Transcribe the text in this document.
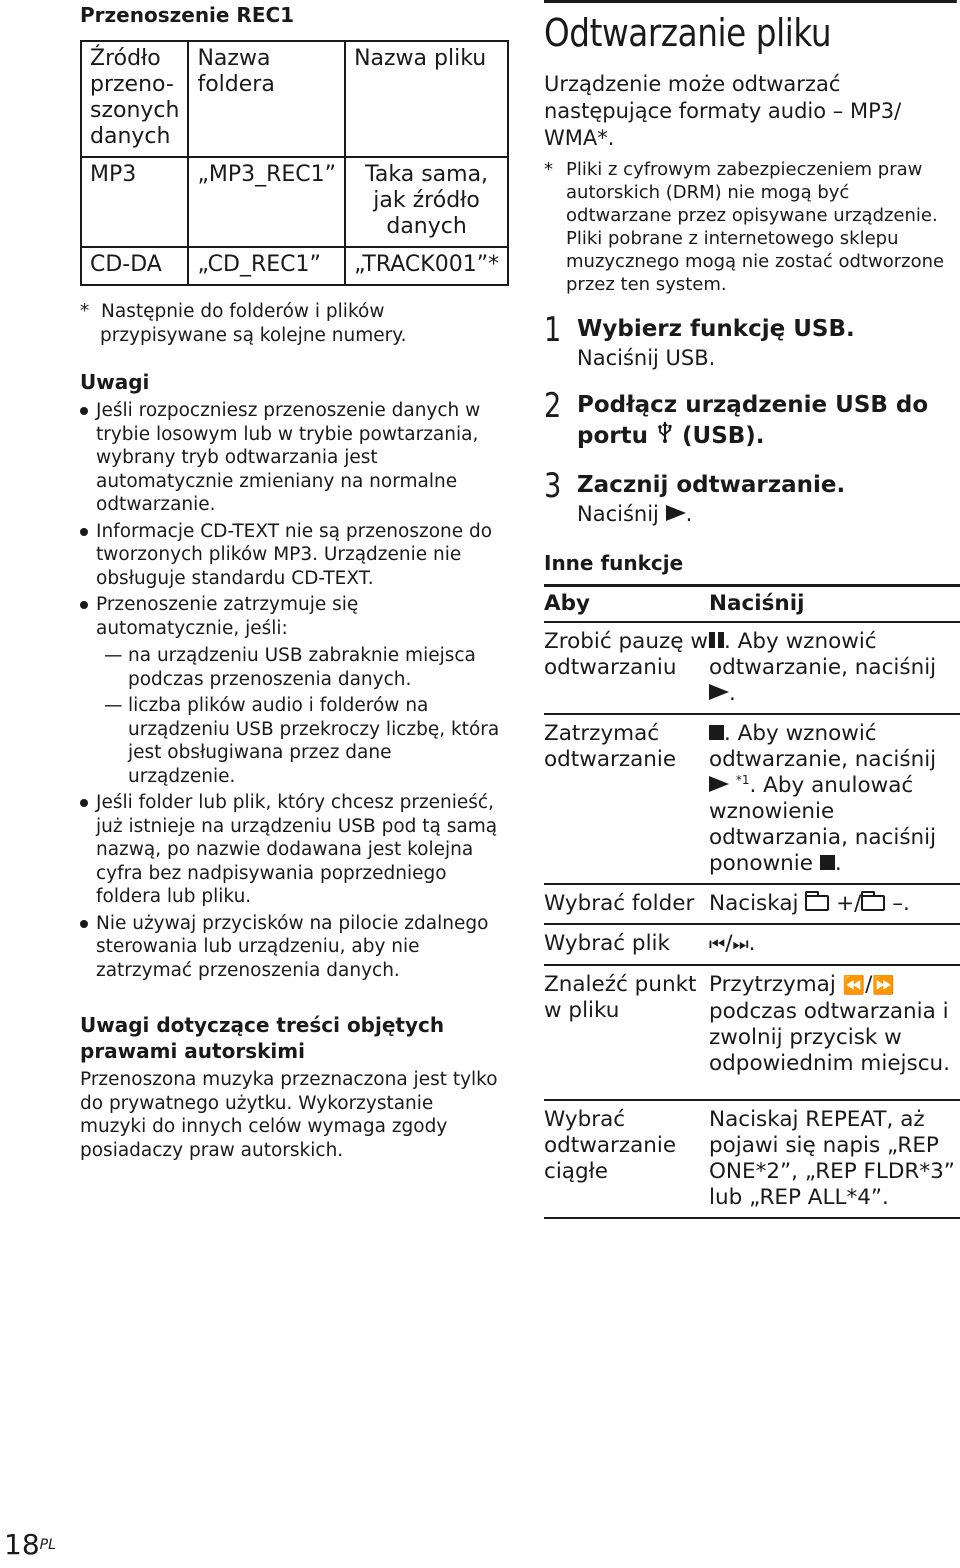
Przenoszenie REC1
Źródło przeno- szonych danych	Nazwa foldera	Nazwa pliku
MP3	„MP3_REC1”	Taka sama, jak źródło danych
CD-DA	„CD_REC1”	„TRACK001”*
* Następnie do folderów i plików
przypisywane są kolejne numery.
Uwagi
Jeśli rozpoczniesz przenoszenie danych w trybie losowym lub w trybie powtarzania, wybrany tryb odtwarzania jest automatycznie zmieniany na normalne odtwarzanie.
Informacje CD-TEXT nie są przenoszone do tworzonych plików MP3. Urządzenie nie obsługuje standardu CD-TEXT.
Przenoszenie zatrzymuje się automatycznie, jeśli:
— na urządzeniu USB zabraknie miejsca podczas przenoszenia danych.
— liczba plików audio i folderów na urządzeniu USB przekroczy liczbę, która jest obsługiwana przez dane urządzenie.
Jeśli folder lub plik, który chcesz przenieść, już istnieje na urządzeniu USB pod tą samą nazwą, po nazwie dodawana jest kolejna cyfra bez nadpisywania poprzedniego foldera lub pliku.
Nie używaj przycisków na pilocie zdalnego sterowania lub urządzeniu, aby nie zatrzymać przenoszenia danych.
Uwagi dotyczące treści objętych prawami autorskimi

Przenoszona muzyka przeznaczona jest tylko do prywatnego użytku. Wykorzystanie muzyki do innych celów wymaga zgody posiadaczy praw autorskich.

Odtwarzanie pliku
Urządzenie może odtwarzać następujące formaty audio – MP3/ WMA*.
* Pliki z cyfrowym zabezpieczeniem praw autorskich (DRM) nie mogą być odtwarzane przez opisywane urządzenie. Pliki pobrane z internetowego sklepu muzycznego mogą nie zostać odtworzone przez ten system.
1 Wybierz funkcję USB.
Naciśnij USB.
2 Podłącz urządzenie USB do portu  (USB).
3 Zacznij odtwarzanie.
Naciśnij .
Inne funkcje
Aby	Naciśnij
Zrobić pauzę w odtwarzaniu	. Aby wznowić odtwarzanie, naciśnij .
Zatrzymać odtwarzanie	. Aby wznowić odtwarzanie, naciśnij  $^{*1}$. Aby anulować wznowienie odtwarzania, naciśnij ponownie .
Wybrać folder	Naciskaj  +/ –.
Wybrać plik	⏮/⏭.
Znaleźć punkt w pliku	Przytrzymaj ⏪/⏩ podczas odtwarzania i zwolnij przycisk w odpowiednim miejscu.
Wybrać odtwarzanie ciągłe	Naciskaj REPEAT, aż pojawi się napis „REP ONE*2”, „REP FLDR*3” lub „REP ALL*4”.
$18^{PL}$
